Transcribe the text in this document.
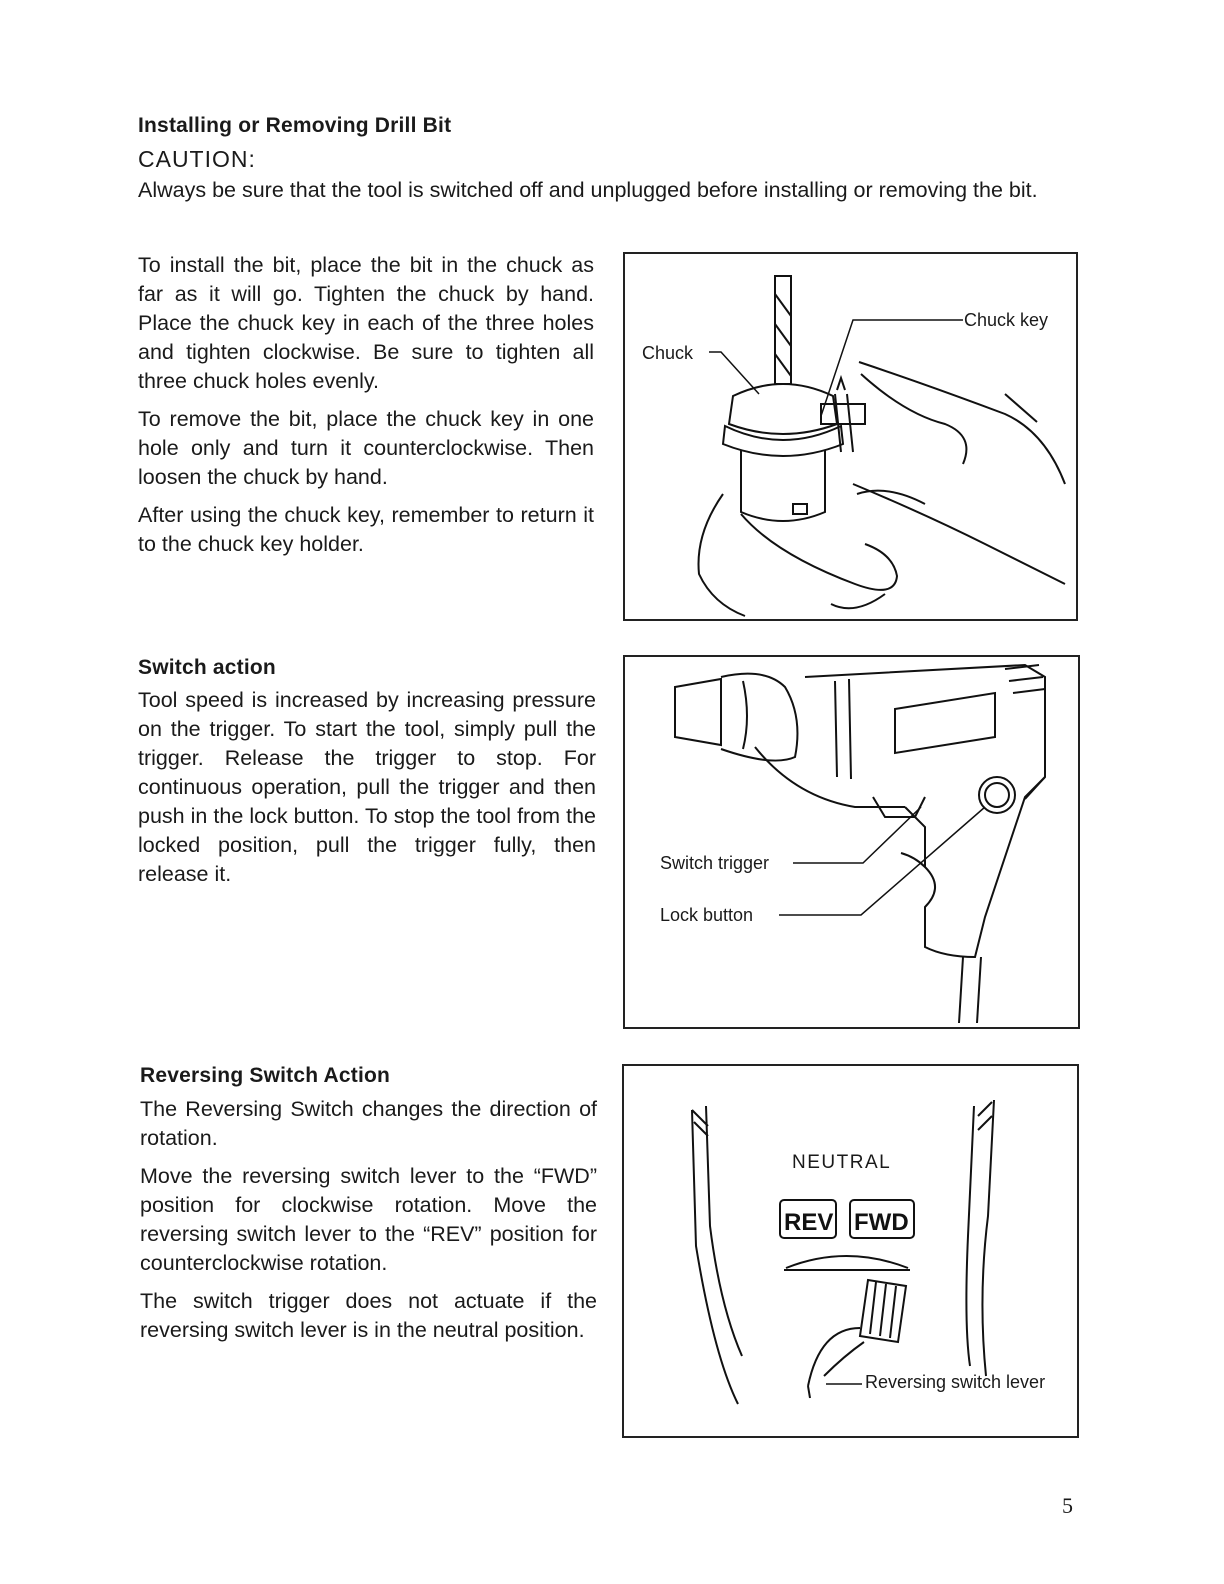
Installing or Removing Drill Bit
CAUTION:
Always be sure that the tool is switched off and unplugged before installing or removing the bit.

To install the bit, place the bit in the chuck as far as it will go. Tighten the chuck by hand. Place the chuck key in each of the three holes and tighten clockwise. Be sure to tighten all three chuck holes evenly.

To remove the bit, place the chuck key in one hole only and turn it counterclockwise. Then loosen the chuck by hand.

After using the chuck key, remember to return it to the chuck key holder.

Chuck
Chuck key
Switch action

Tool speed is increased by increasing pressure on the trigger. To start the tool, simply pull the trigger. Release the trigger to stop. For continuous operation, pull the trigger and then push in the lock button. To stop the tool from the locked position, pull the trigger fully, then release it.	Switch trigger
Lock button
Reversing Switch Action

The Reversing Switch changes the direction of rotation.

Move the reversing switch lever to the “FWD” position for clockwise rotation. Move the reversing switch lever to the “REV” position for counterclockwise rotation.

The switch trigger does not actuate if the reversing switch lever is in the neutral position.

REV FWD
NEUTRAL
Reversing switch lever
5
